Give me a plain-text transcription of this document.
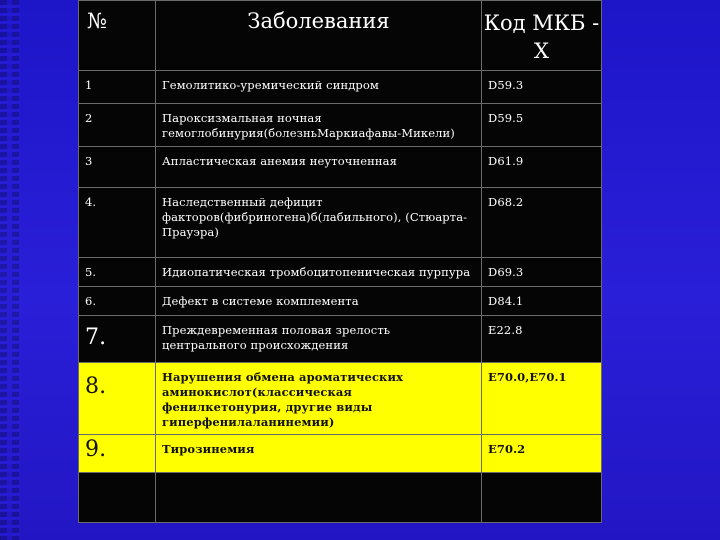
№	Заболевания	Код МКБ -X
1	Гемолитико-уремический синдром	D59.3
2	Пароксизмальная ночная гемоглобинурия(болезньМаркиафавы-Микели)	D59.5
3	Апластическая анемия неуточненная	D61.9
4.	Наследственный дефицит факторов(фибриногена)б(лабильного), (Стюарта-Прауэра)	D68.2
5.	Идиопатическая тромбоцитопеническая пурпура	D69.3
6.	Дефект в системе комплемента	D84.1
7.	Преждевременная половая зрелость центрального происхождения	E22.8
8.	Нарушения обмена ароматических аминокислот(классическая фенилкетонурия, другие виды гиперфенилаланинемии)	E70.0,E70.1
9.	Тирозинемия	E70.2
